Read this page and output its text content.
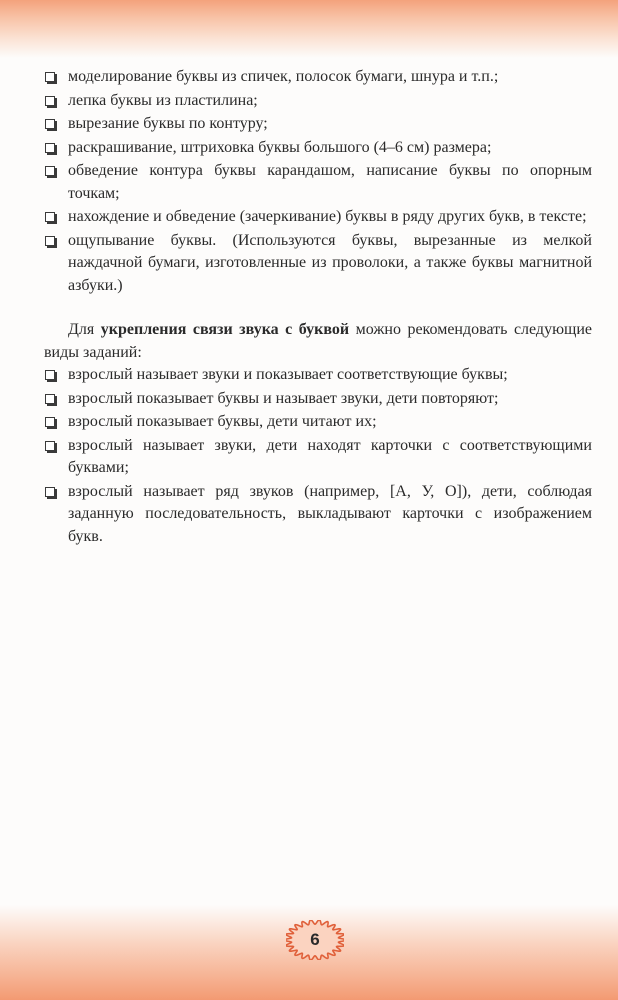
моделирование буквы из спичек, полосок бумаги, шнура и т.п.;
лепка буквы из пластилина;
вырезание буквы по контуру;
раскрашивание, штриховка буквы большого (4–6 см) размера;
обведение контура буквы карандашом, написание буквы по опорным точкам;
нахождение и обведение (зачеркивание) буквы в ряду других букв, в тексте;
ощупывание буквы. (Используются буквы, вырезанные из мелкой наждачной бумаги, изготовленные из проволоки, а также буквы магнитной азбуки.)

Для укрепления связи звука с буквой можно рекомендовать следующие виды заданий:

взрослый называет звуки и показывает соответствующие буквы;
взрослый показывает буквы и называет звуки, дети повторяют;
взрослый показывает буквы, дети читают их;
взрослый называет звуки, дети находят карточки с соответствующими буквами;
взрослый называет ряд звуков (например, [А, У, О]), дети, соблюдая заданную последовательность, выкладывают карточки с изображением букв.
6
